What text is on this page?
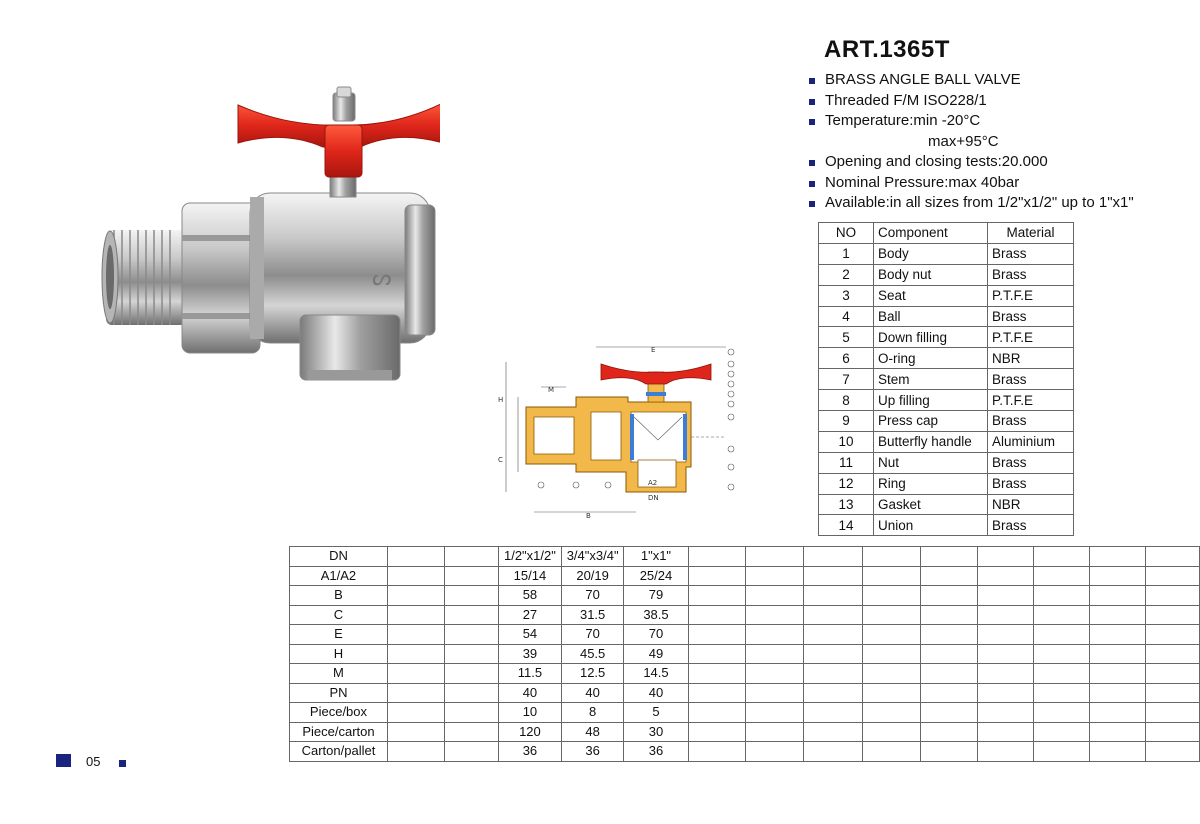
ᔕ
A2
DN
B
E
M
H
C
ART.1365T
BRASS ANGLE BALL VALVE
Threaded F/M ISO228/1
Temperature:min -20°C
max+95°C
Opening and closing tests:20.000
Nominal Pressure:max 40bar
Available:in all sizes from 1/2"x1/2" up to 1"x1"
NO	Component	Material
1	Body	Brass
2	Body nut	Brass
3	Seat	P.T.F.E
4	Ball	Brass
5	Down filling	P.T.F.E
6	O-ring	NBR
7	Stem	Brass
8	Up filling	P.T.F.E
9	Press cap	Brass
10	Butterfly handle	Aluminium
11	Nut	Brass
12	Ring	Brass
13	Gasket	NBR
14	Union	Brass
DN			1/2"x1/2"	3/4"x3/4"	1"x1"									
A1/A2			15/14	20/19	25/24									
B			58	70	79									
C			27	31.5	38.5									
E			54	70	70									
H			39	45.5	49									
M			11.5	12.5	14.5									
PN			40	40	40									
Piece/box			10	8	5									
Piece/carton			120	48	30									
Carton/pallet			36	36	36									
05
